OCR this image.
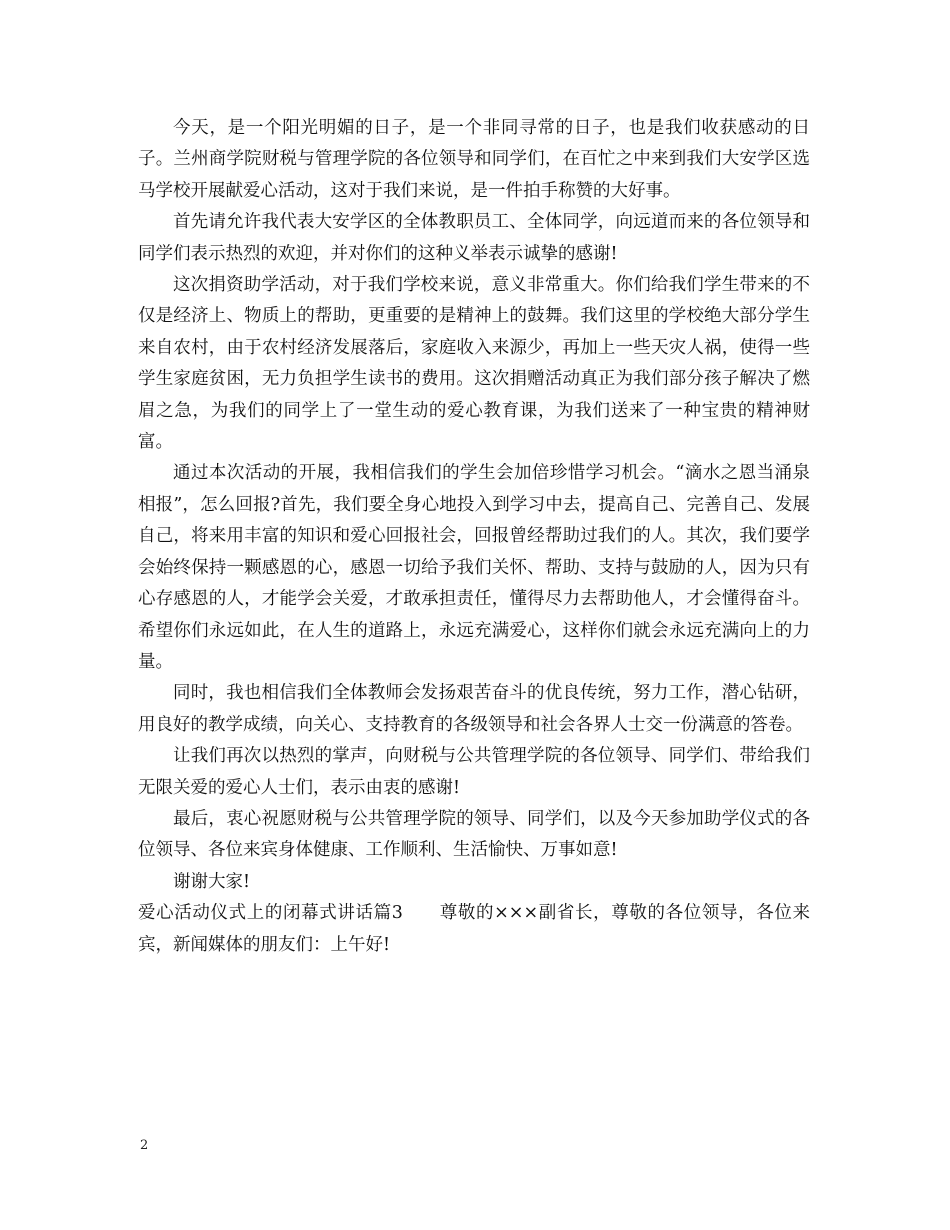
今天，是一个阳光明媚的日子，是一个非同寻常的日子，也是我们收获感动的日子。兰州商学院财税与管理学院的各位领导和同学们，在百忙之中来到我们大安学区选马学校开展献爱心活动，这对于我们来说，是一件拍手称赞的大好事。

首先请允许我代表大安学区的全体教职员工、全体同学，向远道而来的各位领导和同学们表示热烈的欢迎，并对你们的这种义举表示诚挚的感谢!

这次捐资助学活动，对于我们学校来说，意义非常重大。你们给我们学生带来的不仅是经济上、物质上的帮助，更重要的是精神上的鼓舞。我们这里的学校绝大部分学生来自农村，由于农村经济发展落后，家庭收入来源少，再加上一些天灾人祸，使得一些学生家庭贫困，无力负担学生读书的费用。这次捐赠活动真正为我们部分孩子解决了燃眉之急，为我们的同学上了一堂生动的爱心教育课，为我们送来了一种宝贵的精神财富。

通过本次活动的开展，我相信我们的学生会加倍珍惜学习机会。“滴水之恩当涌泉相报”，怎么回报?首先，我们要全身心地投入到学习中去，提高自己、完善自己、发展自己，将来用丰富的知识和爱心回报社会，回报曾经帮助过我们的人。其次，我们要学会始终保持一颗感恩的心，感恩一切给予我们关怀、帮助、支持与鼓励的人，因为只有心存感恩的人，才能学会关爱，才敢承担责任，懂得尽力去帮助他人，才会懂得奋斗。希望你们永远如此，在人生的道路上，永远充满爱心，这样你们就会永远充满向上的力量。

同时，我也相信我们全体教师会发扬艰苦奋斗的优良传统，努力工作，潜心钻研，用良好的教学成绩，向关心、支持教育的各级领导和社会各界人士交一份满意的答卷。

让我们再次以热烈的掌声，向财税与公共管理学院的各位领导、同学们、带给我们无限关爱的爱心人士们，表示由衷的感谢!

最后，衷心祝愿财税与公共管理学院的领导、同学们，以及今天参加助学仪式的各位领导、各位来宾身体健康、工作顺利、生活愉快、万事如意!

谢谢大家!

爱心活动仪式上的闭幕式讲话篇3　　尊敬的×××副省长，尊敬的各位领导，各位来宾，新闻媒体的朋友们：上午好!

2
